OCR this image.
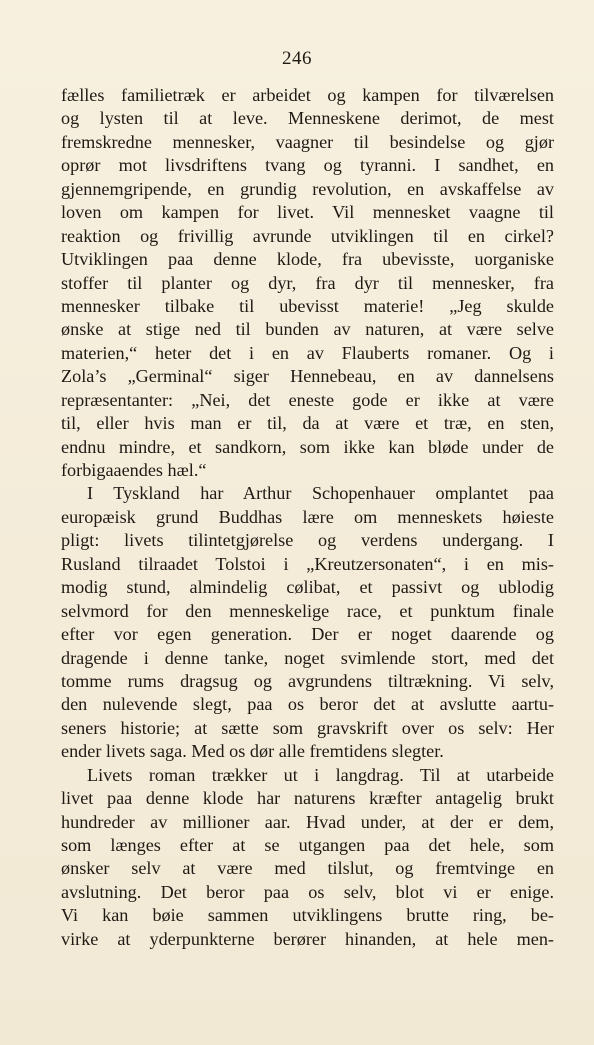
246
fælles familietræk er arbeidet og kampen for tilværelsen
og lysten til at leve. Menneskene derimot, de mest
fremskredne mennesker, vaagner til besindelse og gjør
oprør mot livsdriftens tvang og tyranni. I sandhet, en
gjennemgripende, en grundig revolution, en avskaffelse av
loven om kampen for livet. Vil mennesket vaagne til
reaktion og frivillig avrunde utviklingen til en cirkel?
Utviklingen paa denne klode, fra ubevisste, uorganiske
stoffer til planter og dyr, fra dyr til mennesker, fra
mennesker tilbake til ubevisst materie! „Jeg skulde
ønske at stige ned til bunden av naturen, at være selve
materien,“ heter det i en av Flauberts romaner. Og i
Zola’s „Germinal“ siger Hennebeau, en av dannelsens
repræsentanter: „Nei, det eneste gode er ikke at være
til, eller hvis man er til, da at være et træ, en sten,
endnu mindre, et sandkorn, som ikke kan bløde under de
forbigaaendes hæl.“
I Tyskland har Arthur Schopenhauer omplantet paa
europæisk grund Buddhas lære om menneskets høieste
pligt: livets tilintetgjørelse og verdens undergang. I
Rusland tilraadet Tolstoi i „Kreutzersonaten“, i en mis-
modig stund, almindelig cølibat, et passivt og ublodig
selvmord for den menneskelige race, et punktum finale
efter vor egen generation. Der er noget daarende og
dragende i denne tanke, noget svimlende stort, med det
tomme rums dragsug og avgrundens tiltrækning. Vi selv,
den nulevende slegt, paa os beror det at avslutte aartu-
seners historie; at sætte som gravskrift over os selv: Her
ender livets saga. Med os dør alle fremtidens slegter.
Livets roman trækker ut i langdrag. Til at utarbeide
livet paa denne klode har naturens kræfter antagelig brukt
hundreder av millioner aar. Hvad under, at der er dem,
som længes efter at se utgangen paa det hele, som
ønsker selv at være med tilslut, og fremtvinge en
avslutning. Det beror paa os selv, blot vi er enige.
Vi kan bøie sammen utviklingens brutte ring, be-
virke at yderpunkterne berører hinanden, at hele men-
